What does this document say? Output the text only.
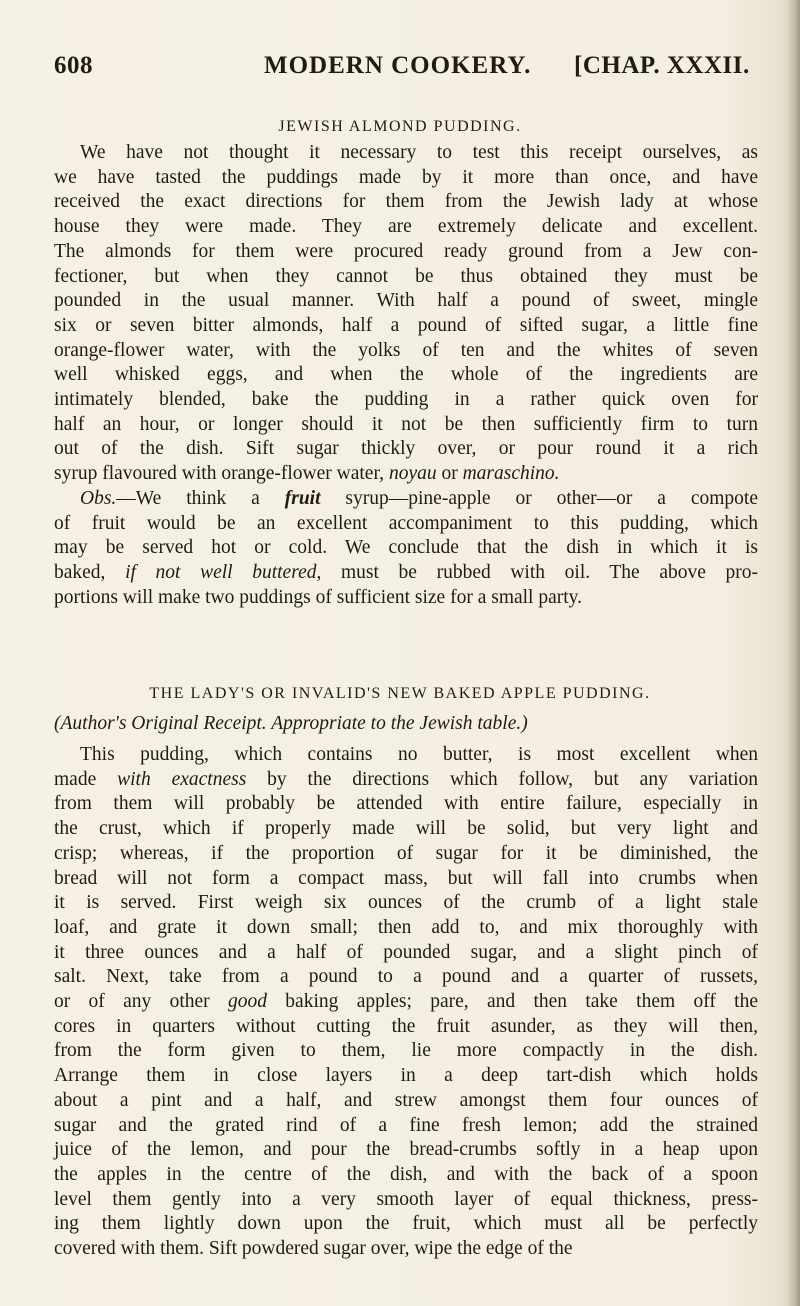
608	MODERN COOKERY. [CHAP. XXXII.
JEWISH ALMOND PUDDING.
We have not thought it necessary to test this receipt ourselves, as
we have tasted the puddings made by it more than once, and have
received the exact directions for them from the Jewish lady at whose
house they were made. They are extremely delicate and excellent.
The almonds for them were procured ready ground from a Jew con-
fectioner, but when they cannot be thus obtained they must be
pounded in the usual manner. With half a pound of sweet, mingle
six or seven bitter almonds, half a pound of sifted sugar, a little fine
orange-flower water, with the yolks of ten and the whites of seven
well whisked eggs, and when the whole of the ingredients are
intimately blended, bake the pudding in a rather quick oven for
half an hour, or longer should it not be then sufficiently firm to turn
out of the dish. Sift sugar thickly over, or pour round it a rich
syrup flavoured with orange-flower water, noyau or maraschino.
Obs.—We think a fruit syrup—pine-apple or other—or a compote
of fruit would be an excellent accompaniment to this pudding, which
may be served hot or cold. We conclude that the dish in which it is
baked, if not well buttered, must be rubbed with oil. The above pro-
portions will make two puddings of sufficient size for a small party.
THE LADY'S OR INVALID'S NEW BAKED APPLE PUDDING.
(Author's Original Receipt. Appropriate to the Jewish table.)
This pudding, which contains no butter, is most excellent when
made with exactness by the directions which follow, but any variation
from them will probably be attended with entire failure, especially in
the crust, which if properly made will be solid, but very light and
crisp; whereas, if the proportion of sugar for it be diminished, the
bread will not form a compact mass, but will fall into crumbs when
it is served. First weigh six ounces of the crumb of a light stale
loaf, and grate it down small; then add to, and mix thoroughly with
it three ounces and a half of pounded sugar, and a slight pinch of
salt. Next, take from a pound to a pound and a quarter of russets,
or of any other good baking apples; pare, and then take them off the
cores in quarters without cutting the fruit asunder, as they will then,
from the form given to them, lie more compactly in the dish.
Arrange them in close layers in a deep tart-dish which holds
about a pint and a half, and strew amongst them four ounces of
sugar and the grated rind of a fine fresh lemon; add the strained
juice of the lemon, and pour the bread-crumbs softly in a heap upon
the apples in the centre of the dish, and with the back of a spoon
level them gently into a very smooth layer of equal thickness, press-
ing them lightly down upon the fruit, which must all be perfectly
covered with them. Sift powdered sugar over, wipe the edge of the
